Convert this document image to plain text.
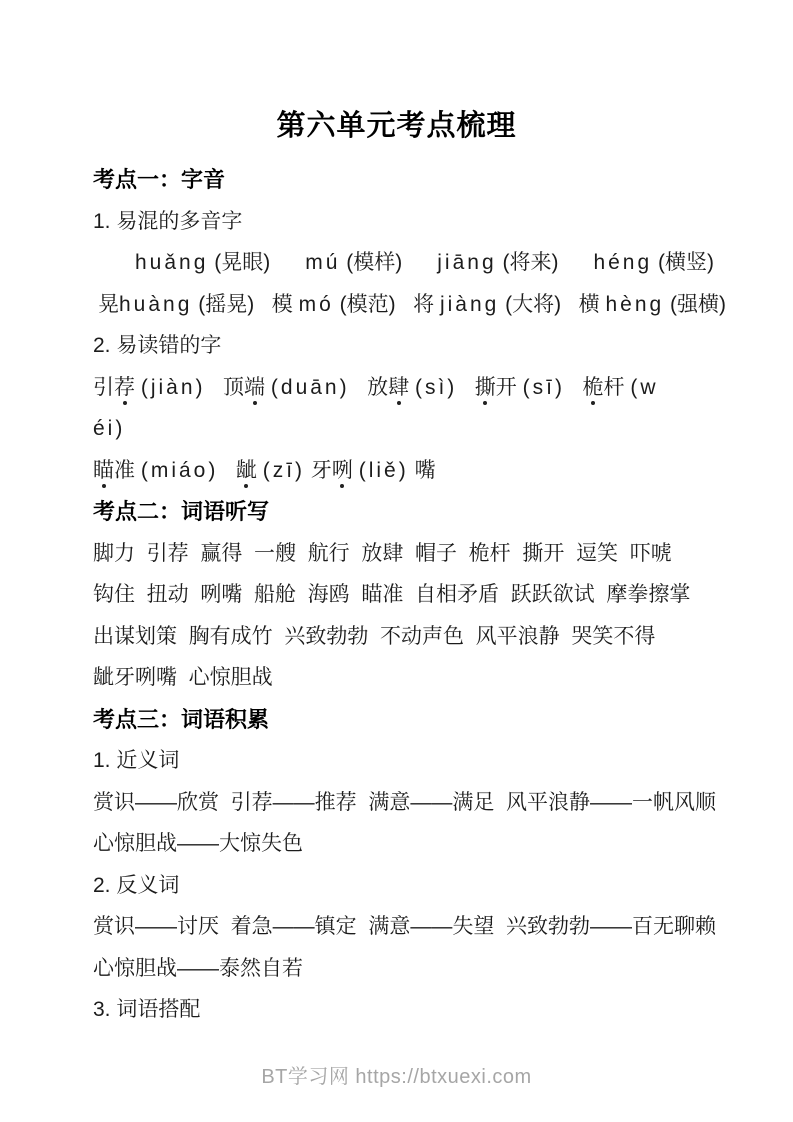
第六单元考点梳理
考点一：字音
1. 易混的多音字
huǎng (晃眼)      mú (模样)      jiāng (将来)      héng (横竖)
晃huàng (摇晃)   模 mó (模范)   将 jiàng (大将)   横 hèng (强横)
2. 易读错的字
引荐 (jiàn)   顶端 (duān)   放肆 (sì) 撕开 (sī) 桅杆 (w
éi)
瞄准 (miáo) 龇 (zī) 牙咧 (liě) 嘴
考点二：词语听写
脚力  引荐  赢得  一艘  航行  放肆  帽子  桅杆  撕开  逗笑  吓唬
钩住  扭动  咧嘴  船舱  海鸥  瞄准  自相矛盾  跃跃欲试  摩拳擦掌
出谋划策  胸有成竹  兴致勃勃  不动声色  风平浪静  哭笑不得
龇牙咧嘴  心惊胆战
考点三：词语积累
1. 近义词
赏识——欣赏  引荐——推荐  满意——满足  风平浪静——一帆风顺
心惊胆战——大惊失色
2. 反义词
赏识——讨厌  着急——镇定  满意——失望  兴致勃勃——百无聊赖
心惊胆战——泰然自若
3. 词语搭配
BT学习网 https://btxuexi.com
